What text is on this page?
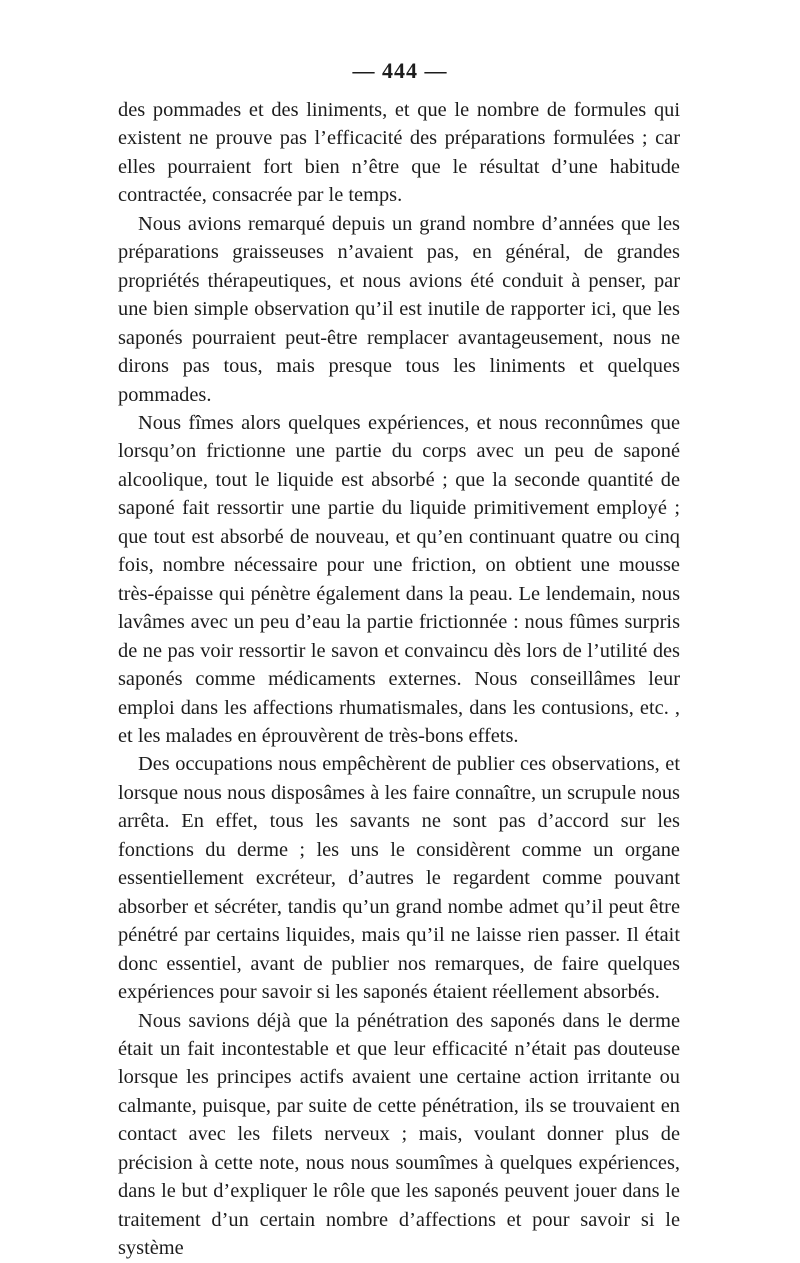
— 444 —

des pommades et des liniments, et que le nombre de formules qui existent ne prouve pas l’efficacité des préparations formulées ; car elles pourraient fort bien n’être que le résultat d’une habitude contractée, consacrée par le temps.

Nous avions remarqué depuis un grand nombre d’années que les préparations graisseuses n’avaient pas, en général, de grandes propriétés thérapeutiques, et nous avions été conduit à penser, par une bien simple observation qu’il est inutile de rapporter ici, que les saponés pourraient peut-être remplacer avantageusement, nous ne dirons pas tous, mais presque tous les liniments et quelques pommades.

Nous fîmes alors quelques expériences, et nous reconnûmes que lorsqu’on frictionne une partie du corps avec un peu de saponé alcoolique, tout le liquide est absorbé ; que la seconde quantité de saponé fait ressortir une partie du liquide primitivement employé ; que tout est absorbé de nouveau, et qu’en continuant quatre ou cinq fois, nombre nécessaire pour une friction, on obtient une mousse très-épaisse qui pénètre également dans la peau. Le lendemain, nous lavâmes avec un peu d’eau la partie frictionnée : nous fûmes surpris de ne pas voir ressortir le savon et convaincu dès lors de l’utilité des saponés comme médicaments externes. Nous conseillâmes leur emploi dans les affections rhumatismales, dans les contusions, etc. , et les malades en éprouvèrent de très-bons effets.

Des occupations nous empêchèrent de publier ces observations, et lorsque nous nous disposâmes à les faire connaître, un scrupule nous arrêta. En effet, tous les savants ne sont pas d’accord sur les fonctions du derme ; les uns le considèrent comme un organe essentiellement excréteur, d’autres le regardent comme pouvant absorber et sécréter, tandis qu’un grand nombe admet qu’il peut être pénétré par certains liquides, mais qu’il ne laisse rien passer. Il était donc essentiel, avant de publier nos remarques, de faire quelques expériences pour savoir si les saponés étaient réellement absorbés.

Nous savions déjà que la pénétration des saponés dans le derme était un fait incontestable et que leur efficacité n’était pas douteuse lorsque les principes actifs avaient une certaine action irritante ou calmante, puisque, par suite de cette pénétration, ils se trouvaient en contact avec les filets nerveux ; mais, voulant donner plus de précision à cette note, nous nous soumîmes à quelques expériences, dans le but d’expliquer le rôle que les saponés peuvent jouer dans le traitement d’un certain nombre d’affections et pour savoir si le système
